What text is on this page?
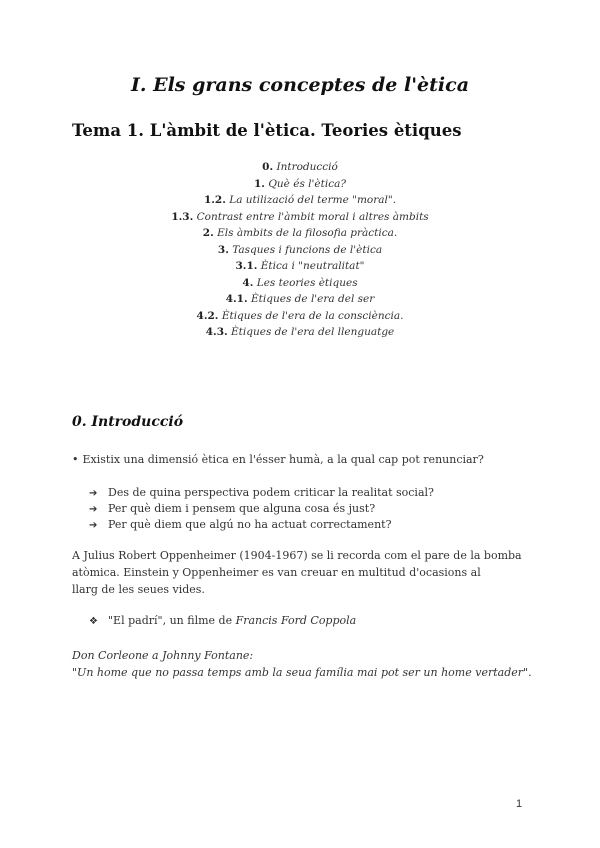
I. Els grans conceptes de l'ètica
Tema 1. L'àmbit de l'ètica. Teories ètiques
0. Introducció
1. Què és l'ètica?
1.2. La utilizació del terme "moral".
1.3. Contrast entre l'àmbit moral i altres àmbits
2. Els àmbits de la filosofia pràctica.
3. Tasques i funcions de l'ètica
3.1. Ètica i "neutralitat"
4. Les teories ètiques
4.1. Ètiques de l'era del ser
4.2. Ètiques de l'era de la consciència.
4.3. Ètiques de l'era del llenguatge
0. Introducció
• Existix una dimensió ètica en l'ésser humà, a la qual cap pot renunciar?
➔ Des de quina perspectiva podem criticar la realitat social?
➔ Per què diem i pensem que alguna cosa és just?
➔ Per què diem que algú no ha actuat correctament?
A Julius Robert Oppenheimer (1904-1967) se li recorda com el pare de la bomba
atòmica. Einstein y Oppenheimer es van creuar en multitud d'ocasions al
llarg de les seues vides.
❖ "El padrí", un filme de Francis Ford Coppola
Don Corleone a Johnny Fontane:
"Un home que no passa temps amb la seua família mai pot ser un home vertader".
1
